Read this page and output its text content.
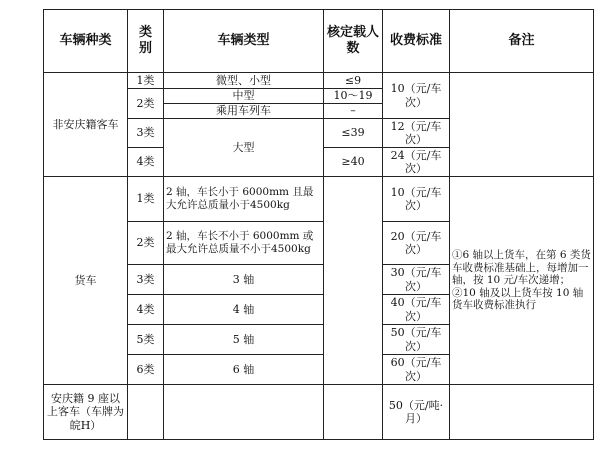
车辆种类	类别	车辆类型	核定载人数	收费标准	备注
非安庆籍客车	1类	微型、小型	≤9	10（元/车次）	
	2类	中型	10～19		
		乘用车列车	–		
	3类	大型	≤39	12（元/车次）	
	4类		≥40	24（元/车次）	
货车	1类	2 轴，车长小于 6000mm 且最大允许总质量小于4500kg		10（元/车次）	①6 轴以上货车，在第 6 类货车收费标准基础上，每增加一轴，按 10 元/车次递增；
②10 轴及以上货车按 10 轴货车收费标准执行
	2类	2 轴，车长不小于 6000mm 或最大允许总质量不小于4500kg		20（元/车次）	
	3类	3 轴		30（元/车次）	
	4类	4 轴		40（元/车次）	
	5类	5 轴		50（元/车次）	
	6类	6 轴		60（元/车次）	
安庆籍 9 座以上客车（车牌为皖H）				50（元/吨·月）	
